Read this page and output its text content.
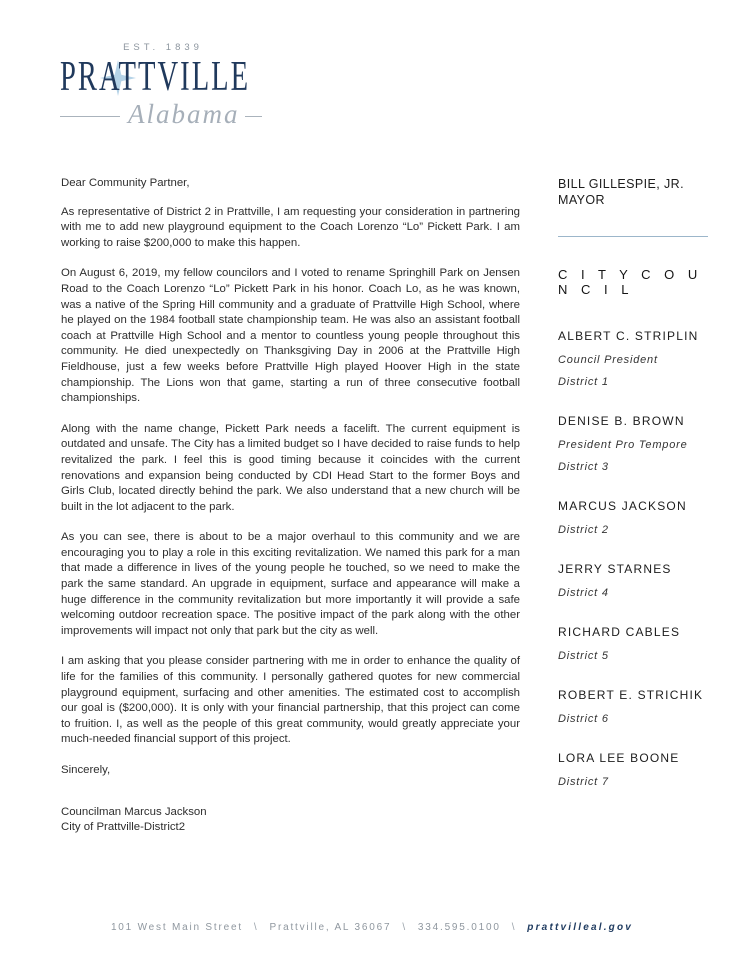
EST. 1839
PRATTVILLE
Alabama

Dear Community Partner,

As representative of District 2 in Prattville, I am requesting your consideration in partnering with me to add new playground equipment to the Coach Lorenzo “Lo” Pickett Park. I am working to raise $200,000 to make this happen.

On August 6, 2019, my fellow councilors and I voted to rename Springhill Park on Jensen Road to the Coach Lorenzo “Lo” Pickett Park in his honor. Coach Lo, as he was known, was a native of the Spring Hill community and a graduate of Prattville High School, where he played on the 1984 football state championship team. He was also an assistant football coach at Prattville High School and a mentor to countless young people throughout this community. He died unexpectedly on Thanksgiving Day in 2006 at the Prattville High Fieldhouse, just a few weeks before Prattville High played Hoover High in the state championship. The Lions won that game, starting a run of three consecutive football championships.

Along with the name change, Pickett Park needs a facelift. The current equipment is outdated and unsafe. The City has a limited budget so I have decided to raise funds to help revitalized the park. I feel this is good timing because it coincides with the current renovations and expansion being conducted by CDI Head Start to the former Boys and Girls Club, located directly behind the park. We also understand that a new church will be built in the lot adjacent to the park.

As you can see, there is about to be a major overhaul to this community and we are encouraging you to play a role in this exciting revitalization. We named this park for a man that made a difference in lives of the young people he touched, so we need to make the park the same standard. An upgrade in equipment, surface and appearance will make a huge difference in the community revitalization but more importantly it will provide a safe welcoming outdoor recreation space. The positive impact of the park along with the other improvements will impact not only that park but the city as well.

I am asking that you please consider partnering with me in order to enhance the quality of life for the families of this community. I personally gathered quotes for new commercial playground equipment, surfacing and other amenities. The estimated cost to accomplish our goal is ($200,000). It is only with your financial partnership, that this project can come to fruition. I, as well as the people of this great community, would greatly appreciate your much-needed financial support of this project.

Sincerely,

Councilman Marcus Jackson

City of Prattville-District2

BILL GILLESPIE, JR.
MAYOR
C I T Y C O U N C I L
ALBERT C. STRIPLIN
Council President
District 1
DENISE B. BROWN
President Pro Tempore
District 3
MARCUS JACKSON
District 2
JERRY STARNES
District 4
RICHARD CABLES
District 5
ROBERT E. STRICHIK
District 6
LORA LEE BOONE
District 7
101 West Main Street \ Prattville, AL 36067 \ 334.595.0100 \ prattvilleal.gov
